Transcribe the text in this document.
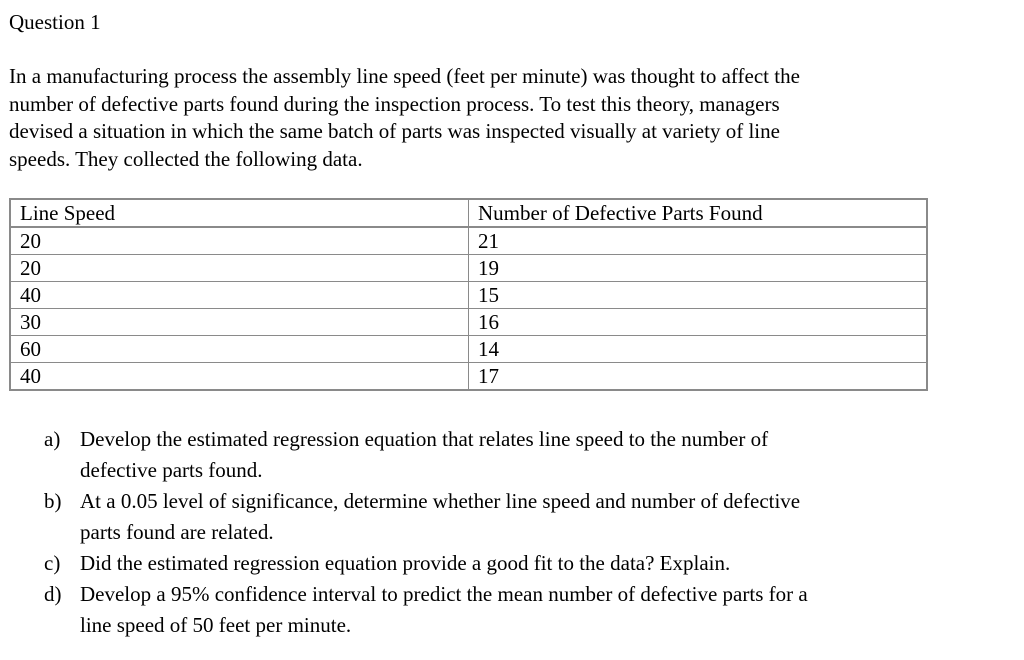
Question 1
In a manufacturing process the assembly line speed (feet per minute) was thought to affect the
number of defective parts found during the inspection process. To test this theory, managers
devised a situation in which the same batch of parts was inspected visually at variety of line
speeds. They collected the following data.
Line Speed	Number of Defective Parts Found
20	21
20	19
40	15
30	16
60	14
40	17
a) Develop the estimated regression equation that relates line speed to the number of
defective parts found.
b) At a 0.05 level of significance, determine whether line speed and number of defective
parts found are related.
c) Did the estimated regression equation provide a good fit to the data? Explain.
d) Develop a 95% confidence interval to predict the mean number of defective parts for a
line speed of 50 feet per minute.
